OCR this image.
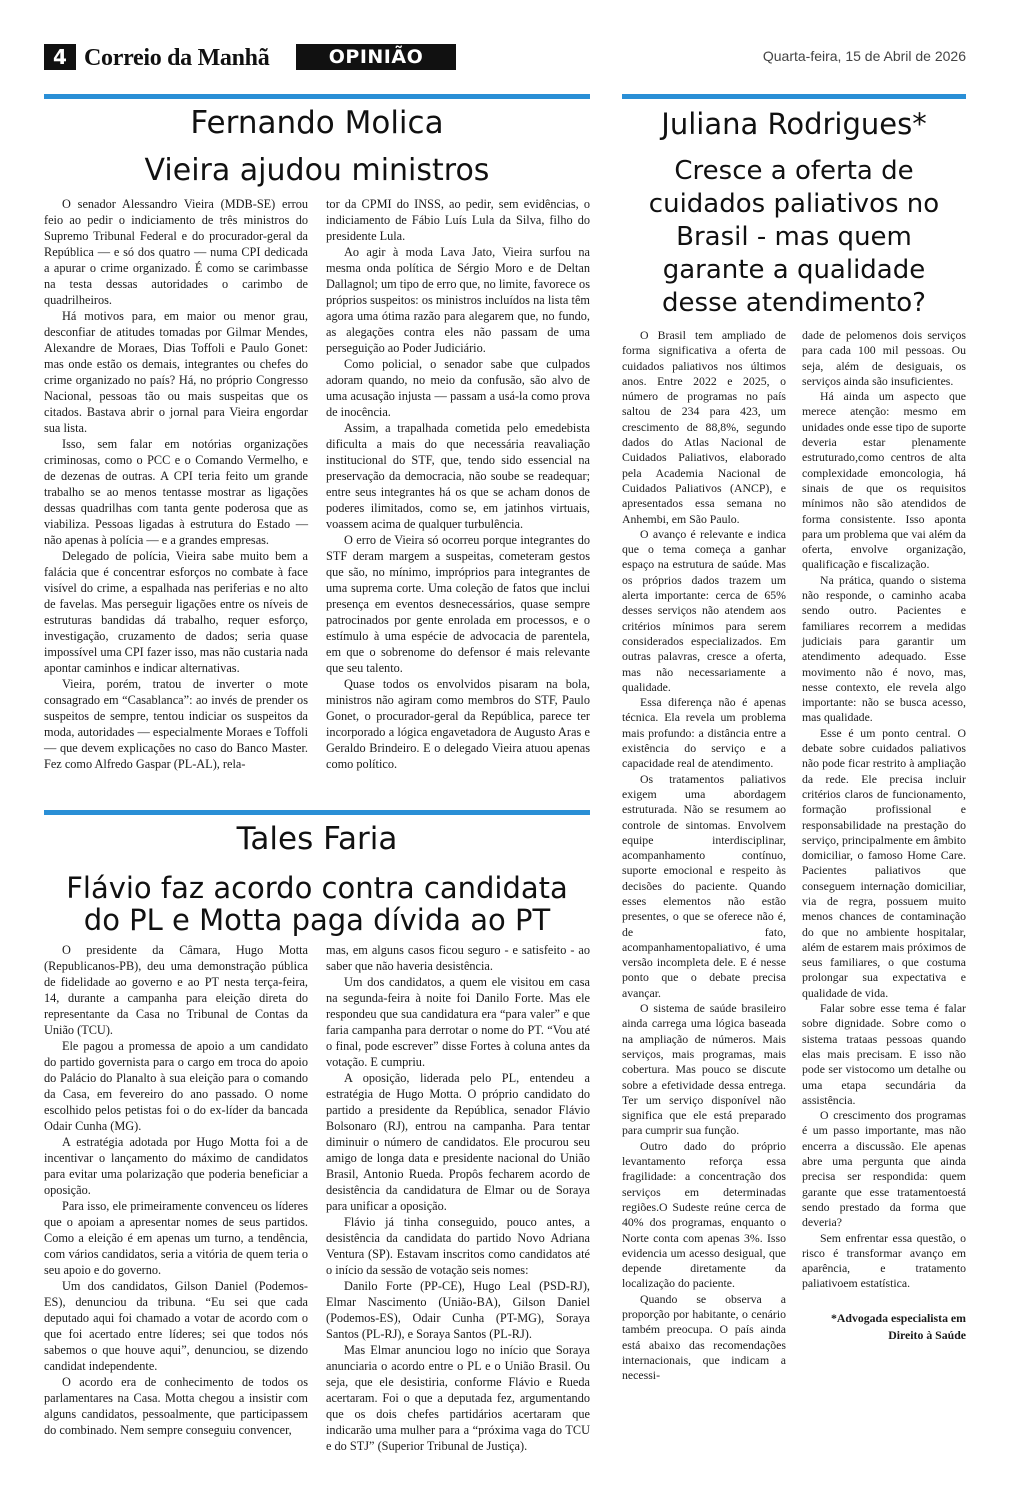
4 Correio da Manhã	OPINIÃO	Quarta-feira, 15 de Abril de 2026
Fernando Molica
Vieira ajudou ministros

O senador Alessandro Vieira (MDB-SE) errou feio ao pedir o indiciamento de três ministros do Supremo Tribunal Federal e do procurador-geral da República — e só dos quatro — numa CPI dedicada a apurar o crime organizado. É como se carimbasse na testa dessas autoridades o carimbo de quadrilheiros.

Há motivos para, em maior ou menor grau, desconfiar de atitudes tomadas por Gilmar Mendes, Alexandre de Moraes, Dias Toffoli e Paulo Gonet: mas onde estão os demais, integrantes ou chefes do crime organizado no país? Há, no próprio Congresso Nacional, pessoas tão ou mais suspeitas que os citados. Bastava abrir o jornal para Vieira engordar sua lista.

Isso, sem falar em notórias organizações criminosas, como o PCC e o Comando Vermelho, e de dezenas de outras. A CPI teria feito um grande trabalho se ao menos tentasse mostrar as ligações dessas quadrilhas com tanta gente poderosa que as viabiliza. Pessoas ligadas à estrutura do Estado — não apenas à polícia — e a grandes empresas.

Delegado de polícia, Vieira sabe muito bem a falácia que é concentrar esforços no combate à face visível do crime, a espalhada nas periferias e no alto de favelas. Mas perseguir ligações entre os níveis de estruturas bandidas dá trabalho, requer esforço, investigação, cruzamento de dados; seria quase impossível uma CPI fazer isso, mas não custaria nada apontar caminhos e indicar alternativas.

Vieira, porém, tratou de inverter o mote consagrado em “Casablanca”: ao invés de prender os suspeitos de sempre, tentou indiciar os suspeitos da moda, autoridades — especialmente Moraes e Toffoli — que devem explicações no caso do Banco Master. Fez como Alfredo Gaspar (PL-AL), rela-

tor da CPMI do INSS, ao pedir, sem evidências, o indiciamento de Fábio Luís Lula da Silva, filho do presidente Lula.

Ao agir à moda Lava Jato, Vieira surfou na mesma onda política de Sérgio Moro e de Deltan Dallagnol; um tipo de erro que, no limite, favorece os próprios suspeitos: os ministros incluídos na lista têm agora uma ótima razão para alegarem que, no fundo, as alegações contra eles não passam de uma perseguição ao Poder Judiciário.

Como policial, o senador sabe que culpados adoram quando, no meio da confusão, são alvo de uma acusação injusta — passam a usá-la como prova de inocência.

Assim, a trapalhada cometida pelo emedebista dificulta a mais do que necessária reavaliação institucional do STF, que, tendo sido essencial na preservação da democracia, não soube se readequar; entre seus integrantes há os que se acham donos de poderes ilimitados, como se, em jatinhos virtuais, voassem acima de qualquer turbulência.

O erro de Vieira só ocorreu porque integrantes do STF deram margem a suspeitas, cometeram gestos que são, no mínimo, impróprios para integrantes de uma suprema corte. Uma coleção de fatos que inclui presença em eventos desnecessários, quase sempre patrocinados por gente enrolada em processos, e o estímulo à uma espécie de advocacia de parentela, em que o sobrenome do defensor é mais relevante que seu talento.

Quase todos os envolvidos pisaram na bola, ministros não agiram como membros do STF, Paulo Gonet, o procurador-geral da República, parece ter incorporado a lógica engavetadora de Augusto Aras e Geraldo Brindeiro. E o delegado Vieira atuou apenas como político.

Tales Faria
Flávio faz acordo contra candidata do PL e Motta paga dívida ao PT

O presidente da Câmara, Hugo Motta (Republicanos-PB), deu uma demonstração pública de fidelidade ao governo e ao PT nesta terça-feira, 14, durante a campanha para eleição direta do representante da Casa no Tribunal de Contas da União (TCU).

Ele pagou a promessa de apoio a um candidato do partido governista para o cargo em troca do apoio do Palácio do Planalto à sua eleição para o comando da Casa, em fevereiro do ano passado. O nome escolhido pelos petistas foi o do ex-líder da bancada Odair Cunha (MG).

A estratégia adotada por Hugo Motta foi a de incentivar o lançamento do máximo de candidatos para evitar uma polarização que poderia beneficiar a oposição.

Para isso, ele primeiramente convenceu os líderes que o apoiam a apresentar nomes de seus partidos. Como a eleição é em apenas um turno, a tendência, com vários candidatos, seria a vitória de quem teria o seu apoio e do governo.

Um dos candidatos, Gilson Daniel (Podemos-ES), denunciou da tribuna. “Eu sei que cada deputado aqui foi chamado a votar de acordo com o que foi acertado entre líderes; sei que todos nós sabemos o que houve aqui”, denunciou, se dizendo candidat independente.

O acordo era de conhecimento de todos os parlamentares na Casa. Motta chegou a insistir com alguns candidatos, pessoalmente, que participassem do combinado. Nem sempre conseguiu convencer,

mas, em alguns casos ficou seguro - e satisfeito - ao saber que não haveria desistência.

Um dos candidatos, a quem ele visitou em casa na segunda-feira à noite foi Danilo Forte. Mas ele respondeu que sua candidatura era “para valer” e que faria campanha para derrotar o nome do PT. “Vou até o final, pode escrever” disse Fortes à coluna antes da votação. E cumpriu.

A oposição, liderada pelo PL, entendeu a estratégia de Hugo Motta. O próprio candidato do partido a presidente da República, senador Flávio Bolsonaro (RJ), entrou na campanha. Para tentar diminuir o número de candidatos. Ele procurou seu amigo de longa data e presidente nacional do União Brasil, Antonio Rueda. Propôs fecharem acordo de desistência da candidatura de Elmar ou de Soraya para unificar a oposição.

Flávio já tinha conseguido, pouco antes, a desistência da candidata do partido Novo Adriana Ventura (SP). Estavam inscritos como candidatos até o início da sessão de votação seis nomes:

Danilo Forte (PP-CE), Hugo Leal (PSD-RJ), Elmar Nascimento (União-BA), Gilson Daniel (Podemos-ES), Odair Cunha (PT-MG), Soraya Santos (PL-RJ), e Soraya Santos (PL-RJ).

Mas Elmar anunciou logo no início que Soraya anunciaria o acordo entre o PL e o União Brasil. Ou seja, que ele desistiria, conforme Flávio e Rueda acertaram. Foi o que a deputada fez, argumentando que os dois chefes partidários acertaram que indicarão uma mulher para a “próxima vaga do TCU e do STJ” (Superior Tribunal de Justiça).

Juliana Rodrigues*
Cresce a oferta de cuidados paliativos no Brasil - mas quem garante a qualidade desse atendimento?

O Brasil tem ampliado de forma significativa a oferta de cuidados paliativos nos últimos anos. Entre 2022 e 2025, o número de programas no país saltou de 234 para 423, um crescimento de 88,8%, segundo dados do Atlas Nacional de Cuidados Paliativos, elaborado pela Academia Nacional de Cuidados Paliativos (ANCP), e apresentados essa semana no Anhembi, em São Paulo.

O avanço é relevante e indica que o tema começa a ganhar espaço na estrutura de saúde. Mas os próprios dados trazem um alerta importante: cerca de 65% desses serviços não atendem aos critérios mínimos para serem considerados especializados. Em outras palavras, cresce a oferta, mas não necessariamente a qualidade.

Essa diferença não é apenas técnica. Ela revela um problema mais profundo: a distância entre a existência do serviço e a capacidade real de atendimento.

Os tratamentos paliativos exigem uma abordagem estruturada. Não se resumem ao controle de sintomas. Envolvem equipe interdisciplinar, acompanhamento contínuo, suporte emocional e respeito às decisões do paciente. Quando esses elementos não estão presentes, o que se oferece não é, de fato, acompanhamentopaliativo, é uma versão incompleta dele. E é nesse ponto que o debate precisa avançar.

O sistema de saúde brasileiro ainda carrega uma lógica baseada na ampliação de números. Mais serviços, mais programas, mais cobertura. Mas pouco se discute sobre a efetividade dessa entrega. Ter um serviço disponível não significa que ele está preparado para cumprir sua função.

Outro dado do próprio levantamento reforça essa fragilidade: a concentração dos serviços em determinadas regiões.O Sudeste reúne cerca de 40% dos programas, enquanto o Norte conta com apenas 3%. Isso evidencia um acesso desigual, que depende diretamente da localização do paciente.

Quando se observa a proporção por habitante, o cenário também preocupa. O país ainda está abaixo das recomendações internacionais, que indicam a necessi-

dade de pelomenos dois serviços para cada 100 mil pessoas. Ou seja, além de desiguais, os serviços ainda são insuficientes.

Há ainda um aspecto que merece atenção: mesmo em unidades onde esse tipo de suporte deveria estar plenamente estruturado,como centros de alta complexidade emoncologia, há sinais de que os requisitos mínimos não são atendidos de forma consistente. Isso aponta para um problema que vai além da oferta, envolve organização, qualificação e fiscalização.

Na prática, quando o sistema não responde, o caminho acaba sendo outro. Pacientes e familiares recorrem a medidas judiciais para garantir um atendimento adequado. Esse movimento não é novo, mas, nesse contexto, ele revela algo importante: não se busca acesso, mas qualidade.

Esse é um ponto central. O debate sobre cuidados paliativos não pode ficar restrito à ampliação da rede. Ele precisa incluir critérios claros de funcionamento, formação profissional e responsabilidade na prestação do serviço, principalmente em âmbito domiciliar, o famoso Home Care. Pacientes paliativos que conseguem internação domiciliar, via de regra, possuem muito menos chances de contaminação do que no ambiente hospitalar, além de estarem mais próximos de seus familiares, o que costuma prolongar sua expectativa e qualidade de vida.

Falar sobre esse tema é falar sobre dignidade. Sobre como o sistema trataas pessoas quando elas mais precisam. E isso não pode ser vistocomo um detalhe ou uma etapa secundária da assistência.

O crescimento dos programas é um passo importante, mas não encerra a discussão. Ele apenas abre uma pergunta que ainda precisa ser respondida: quem garante que esse tratamentoestá sendo prestado da forma que deveria?

Sem enfrentar essa questão, o risco é transformar avanço em aparência, e tratamento paliativoem estatística.

*Advogada especialista em
Direito à Saúde
